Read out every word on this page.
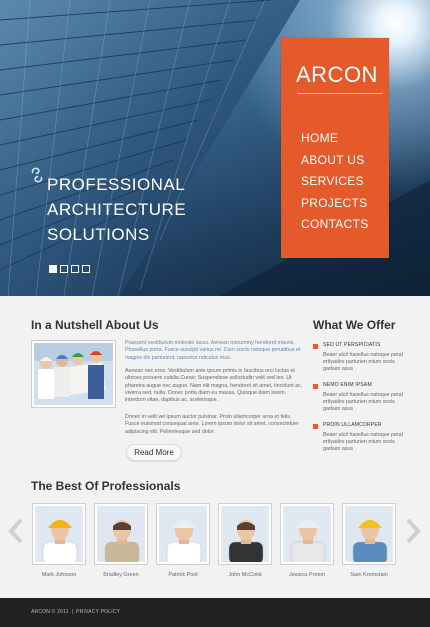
PROFESSIONAL
ARCHITECTURE
SOLUTIONS
ARCON
HOME
ABOUT US
SERVICES
PROJECTS
CONTACTS
In a Nutshell About Us
Praesent vestibulum molestie lacus. Aenean nonummy hendrerit mauris. Phasellus porta. Fusce suscipit varius mi. Cum sociis natoque penatibus et magnis dis parturient, nascetur ridiculus mus.
Aenean nec eros. Vestibulum ante ipsum primis in faucibus orci luctus et ultrices posuere cubilia Curae; Suspendisse sollicitudin velit sed leo. Ut pharetra augue nec augue. Nam elit magna, hendrerit sit amet, tincidunt ac, viverra sed, nulla. Donec porta diam eu massa. Quisque diam lorem, interdum vitae, dapibus ac, scelerisque.
Donec in velit vel ipsum auctor pulvinar. Proin ullamcorper urna et felis. Fusce euismod consequat ante. Lorem ipsum dolor sit amet, consectetuer adipiscing elit. Pellentesque sed dolor.
Read More
What We Offer
SED UT PERSPICIATIS
Beaer ulcit hasellus natoque peral erityades parturien mium sosis gadsen asus
NEMO ENIM IPSAM
Beaer ulcit hasellus natoque peral erityades parturien mium sosis gadsen asus
PROIN ULLAMCORPER
Beaer ulcit hasellus natoque peral erityades parturien mium sosis gadsen asus
The Best Of Professionals
Mark Johnson	Bradley Green	Patrick Pool	John McCoist	Jessica Preton	Sam Kromstain
ARCON © 2011 | PRIVACY POLICY
